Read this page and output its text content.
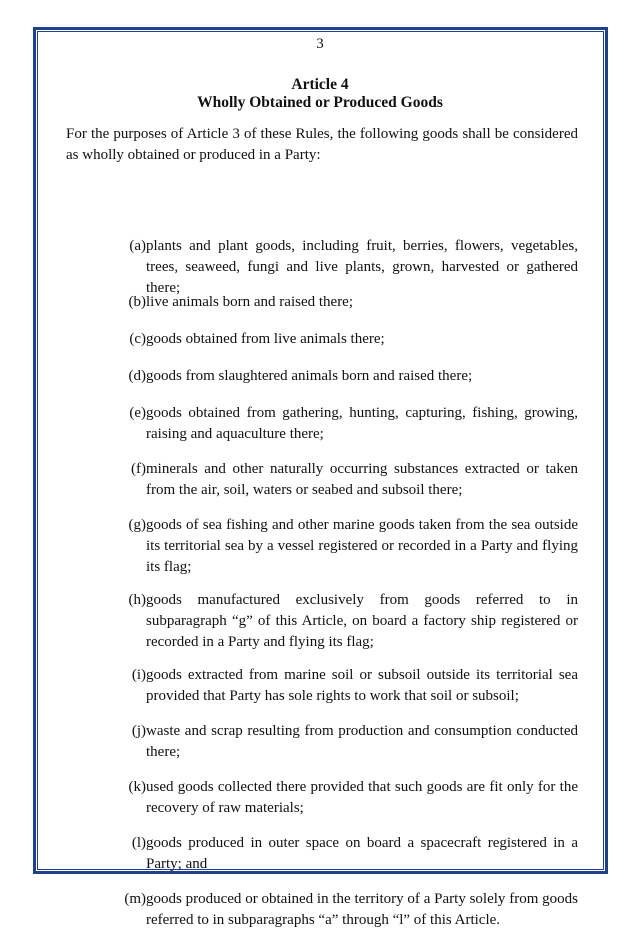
3
Article 4
Wholly Obtained or Produced Goods

For the purposes of Article 3 of these Rules, the following goods shall be considered as wholly obtained or produced in a Party:

(a) plants and plant goods, including fruit, berries, flowers, vegetables, trees, seaweed, fungi and live plants, grown, harvested or gathered there;
(b) live animals born and raised there;
(c) goods obtained from live animals there;
(d) goods from slaughtered animals born and raised there;
(e) goods obtained from gathering, hunting, capturing, fishing, growing, raising and aquaculture there;
(f) minerals and other naturally occurring substances extracted or taken from the air, soil, waters or seabed and subsoil there;
(g) goods of sea fishing and other marine goods taken from the sea outside its territorial sea by a vessel registered or recorded in a Party and flying its flag;
(h) goods manufactured exclusively from goods referred to in subparagraph “g” of this Article, on board a factory ship registered or recorded in a Party and flying its flag;
(i) goods extracted from marine soil or subsoil outside its territorial sea provided that Party has sole rights to work that soil or subsoil;
(j) waste and scrap resulting from production and consumption conducted there;
(k) used goods collected there provided that such goods are fit only for the recovery of raw materials;
(l) goods produced in outer space on board a spacecraft registered in a Party; and
(m) goods produced or obtained in the territory of a Party solely from goods referred to in subparagraphs “a” through “l” of this Article.
